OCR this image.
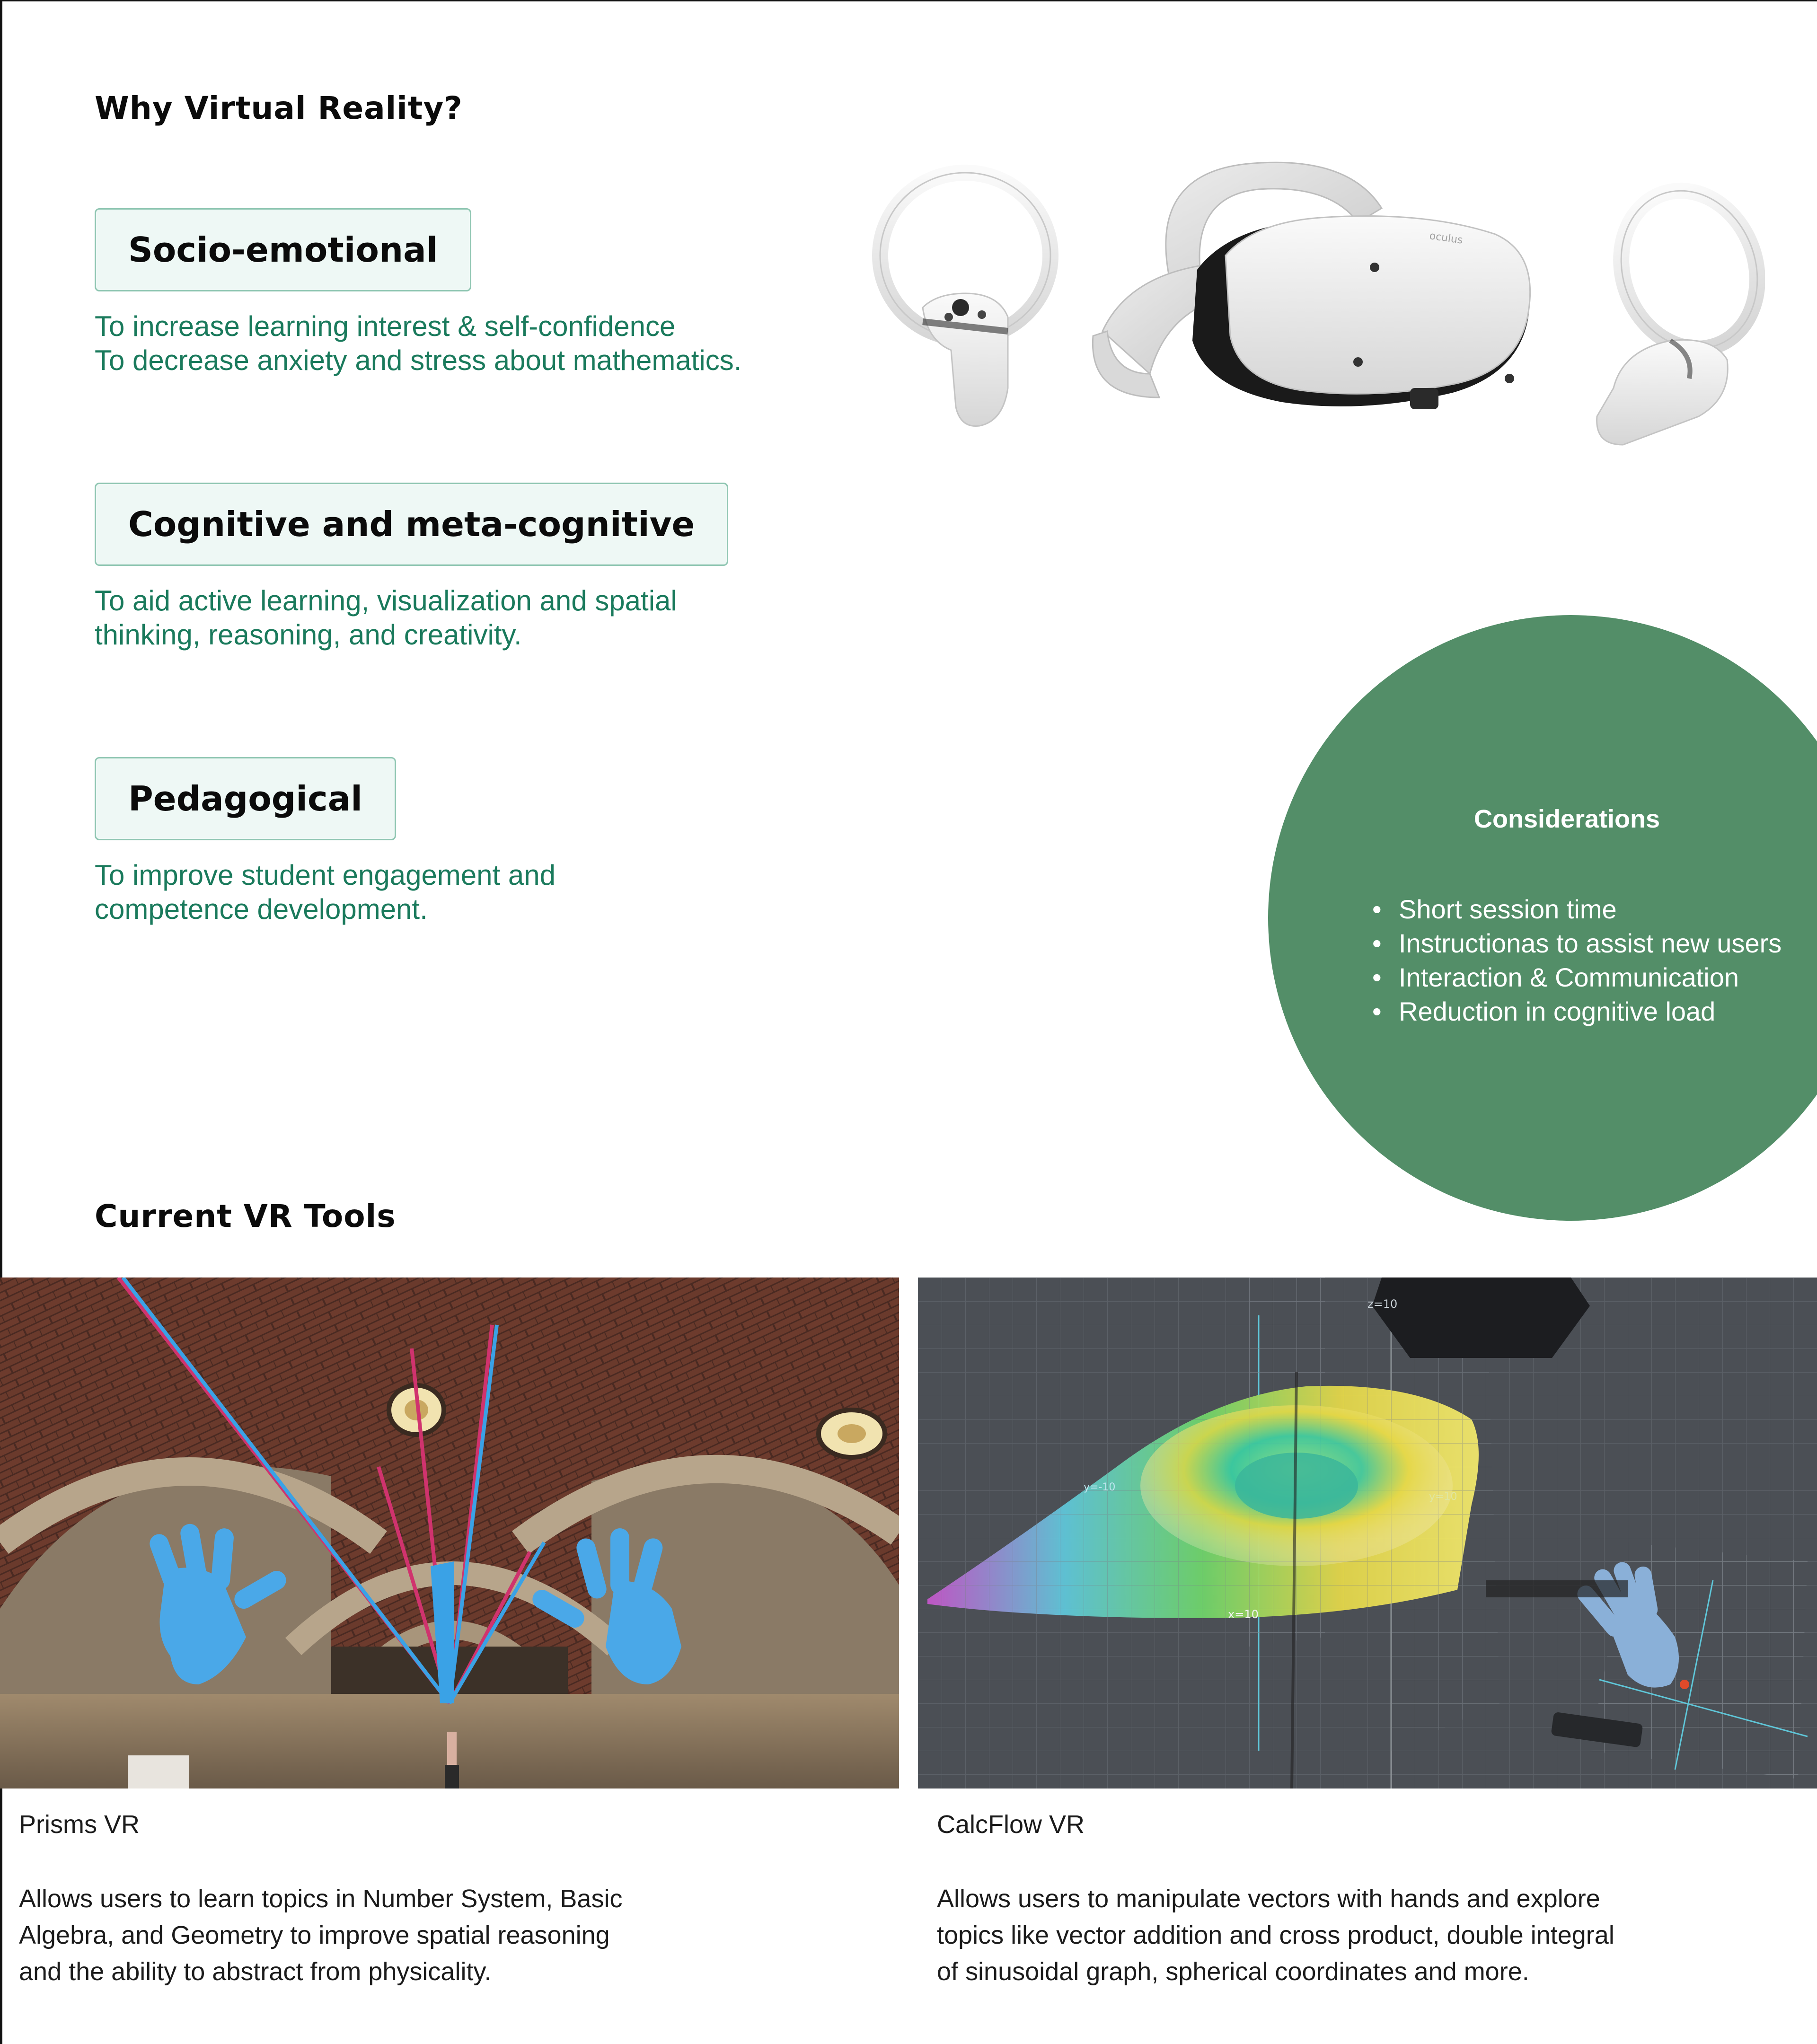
Why Virtual Reality?
Socio-emotional
To increase learning interest & self-confidence
To decrease anxiety and stress about mathematics.
Cognitive and meta-cognitive
To aid active learning, visualization and spatial
thinking, reasoning, and creativity.
Pedagogical
To improve student engagement and
competence development.
oculus
Considerations
• Short session time
• Instructionas to assist new users
• Interaction & Communication
• Reduction in cognitive load
Current VR Tools
y=-10
y=10
z=10
x=10
Prisms VR
Allows users to learn topics in Number System, Basic
Algebra, and Geometry to improve spatial reasoning
and the ability to abstract from physicality.
CalcFlow VR
Allows users to manipulate vectors with hands and explore
topics like vector addition and cross product, double integral
of sinusoidal graph, spherical coordinates and more.
